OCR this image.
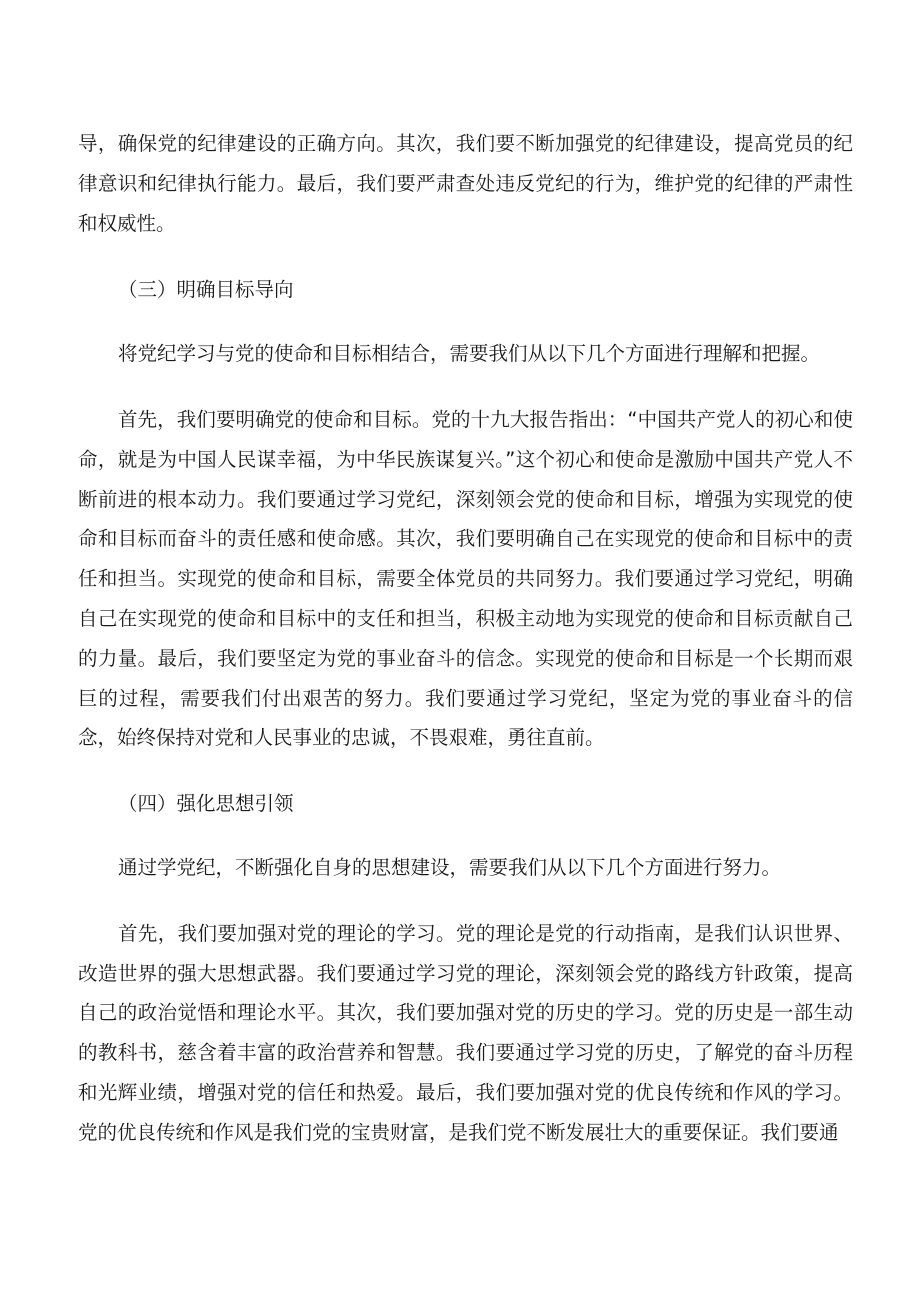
导，确保党的纪律建设的正确方向。其次，我们要不断加强党的纪律建设，提高党员的纪律意识和纪律执行能力。最后，我们要严肃查处违反党纪的行为，维护党的纪律的严肃性和权威性。

（三）明确目标导向

将党纪学习与党的使命和目标相结合，需要我们从以下几个方面进行理解和把握。

首先，我们要明确党的使命和目标。党的十九大报告指出：“中国共产党人的初心和使命，就是为中国人民谋幸福，为中华民族谋复兴。”这个初心和使命是激励中国共产党人不断前进的根本动力。我们要通过学习党纪，深刻领会党的使命和目标，增强为实现党的使命和目标而奋斗的责任感和使命感。其次，我们要明确自己在实现党的使命和目标中的责任和担当。实现党的使命和目标，需要全体党员的共同努力。我们要通过学习党纪，明确自己在实现党的使命和目标中的支任和担当，积极主动地为实现党的使命和目标贡献自己的力量。最后，我们要坚定为党的事业奋斗的信念。实现党的使命和目标是一个长期而艰巨的过程，需要我们付出艰苦的努力。我们要通过学习党纪，坚定为党的事业奋斗的信念，始终保持对党和人民事业的忠诚，不畏艰难，勇往直前。

（四）强化思想引领

通过学党纪，不断强化自身的思想建设，需要我们从以下几个方面进行努力。

首先，我们要加强对党的理论的学习。党的理论是党的行动指南，是我们认识世界、改造世界的强大思想武器。我们要通过学习党的理论，深刻领会党的路线方针政策，提高自己的政治觉悟和理论水平。其次，我们要加强对党的历史的学习。党的历史是一部生动的教科书，慈含着丰富的政治营养和智慧。我们要通过学习党的历史，了解党的奋斗历程和光辉业绩，增强对党的信任和热爱。最后，我们要加强对党的优良传统和作风的学习。党的优良传统和作风是我们党的宝贵财富，是我们党不断发展壮大的重要保证。我们要通
